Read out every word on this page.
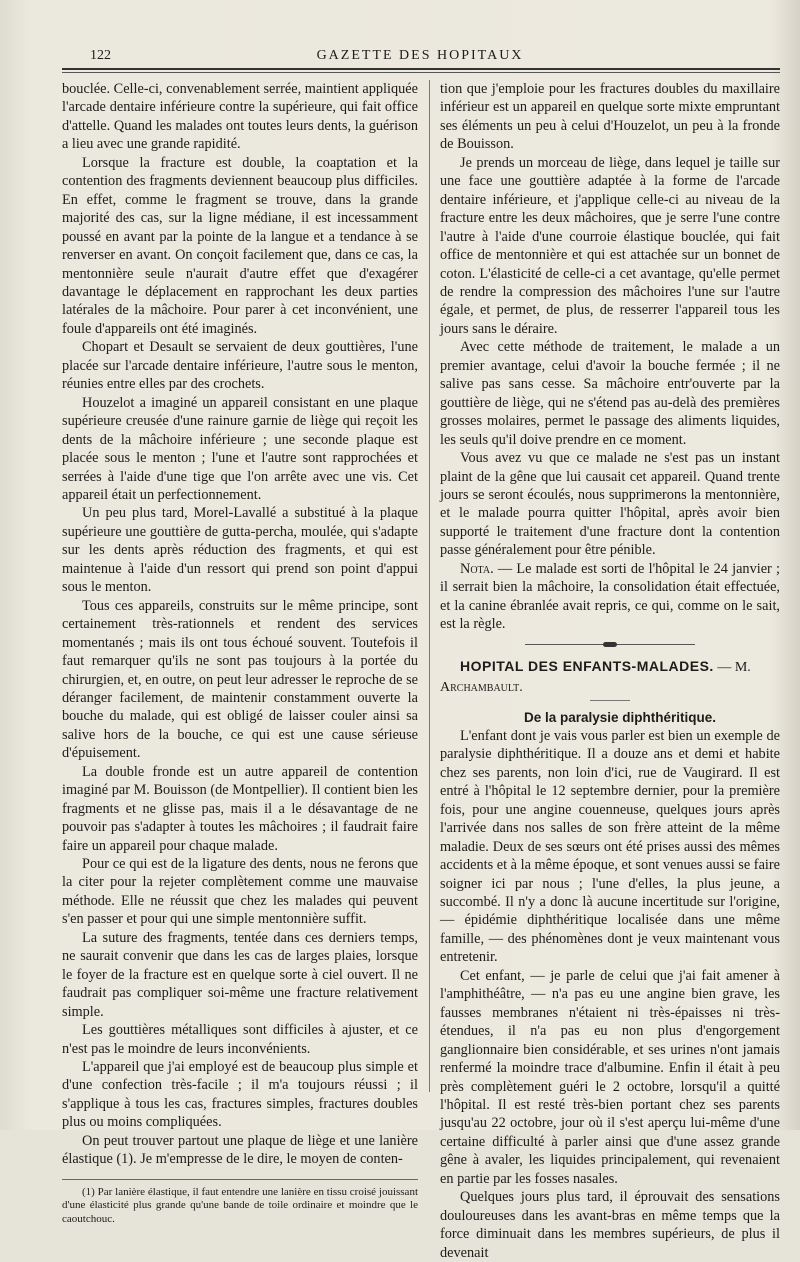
122	GAZETTE DES HOPITAUX

bouclée. Celle-ci, convenablement serrée, maintient appliquée l'arcade dentaire inférieure contre la supérieure, qui fait office d'attelle. Quand les malades ont toutes leurs dents, la guérison a lieu avec une grande rapidité.

Lorsque la fracture est double, la coaptation et la contention des fragments deviennent beaucoup plus difficiles. En effet, comme le fragment se trouve, dans la grande majorité des cas, sur la ligne médiane, il est incessamment poussé en avant par la pointe de la langue et a tendance à se renverser en avant. On conçoit facilement que, dans ce cas, la mentonnière seule n'aurait d'autre effet que d'exagérer davantage le déplacement en rapprochant les deux parties latérales de la mâchoire. Pour parer à cet inconvénient, une foule d'appareils ont été imaginés.

Chopart et Desault se servaient de deux gouttières, l'une placée sur l'arcade dentaire inférieure, l'autre sous le menton, réunies entre elles par des crochets.

Houzelot a imaginé un appareil consistant en une plaque supérieure creusée d'une rainure garnie de liège qui reçoit les dents de la mâchoire inférieure ; une seconde plaque est placée sous le menton ; l'une et l'autre sont rapprochées et serrées à l'aide d'une tige que l'on arrête avec une vis. Cet appareil était un perfectionnement.

Un peu plus tard, Morel-Lavallé a substitué à la plaque supérieure une gouttière de gutta-percha, moulée, qui s'adapte sur les dents après réduction des fragments, et qui est maintenue à l'aide d'un ressort qui prend son point d'appui sous le menton.

Tous ces appareils, construits sur le même principe, sont certainement très-rationnels et rendent des services momentanés ; mais ils ont tous échoué souvent. Toutefois il faut remarquer qu'ils ne sont pas toujours à la portée du chirurgien, et, en outre, on peut leur adresser le reproche de se déranger facilement, de maintenir constamment ouverte la bouche du malade, qui est obligé de laisser couler ainsi sa salive hors de la bouche, ce qui est une cause sérieuse d'épuisement.

La double fronde est un autre appareil de contention imaginé par M. Bouisson (de Montpellier). Il contient bien les fragments et ne glisse pas, mais il a le désavantage de ne pouvoir pas s'adapter à toutes les mâchoires ; il faudrait faire faire un appareil pour chaque malade.

Pour ce qui est de la ligature des dents, nous ne ferons que la citer pour la rejeter complètement comme une mauvaise méthode. Elle ne réussit que chez les malades qui peuvent s'en passer et pour qui une simple mentonnière suffit.

La suture des fragments, tentée dans ces derniers temps, ne saurait convenir que dans les cas de larges plaies, lorsque le foyer de la fracture est en quelque sorte à ciel ouvert. Il ne faudrait pas compliquer soi-même une fracture relativement simple.

Les gouttières métalliques sont difficiles à ajuster, et ce n'est pas le moindre de leurs inconvénients.

L'appareil que j'ai employé est de beaucoup plus simple et d'une confection très-facile ; il m'a toujours réussi ; il s'applique à tous les cas, fractures simples, fractures doubles plus ou moins compliquées.

On peut trouver partout une plaque de liège et une lanière élastique (1). Je m'empresse de le dire, le moyen de conten-

(1) Par lanière élastique, il faut entendre une lanière en tissu croisé jouissant d'une élasticité plus grande qu'une bande de toile ordinaire et moindre que le caoutchouc.

tion que j'emploie pour les fractures doubles du maxillaire inférieur est un appareil en quelque sorte mixte empruntant ses éléments un peu à celui d'Houzelot, un peu à la fronde de Bouisson.

Je prends un morceau de liège, dans lequel je taille sur une face une gouttière adaptée à la forme de l'arcade dentaire inférieure, et j'applique celle-ci au niveau de la fracture entre les deux mâchoires, que je serre l'une contre l'autre à l'aide d'une courroie élastique bouclée, qui fait office de mentonnière et qui est attachée sur un bonnet de coton. L'élasticité de celle-ci a cet avantage, qu'elle permet de rendre la compression des mâchoires l'une sur l'autre égale, et permet, de plus, de resserrer l'appareil tous les jours sans le déraire.

Avec cette méthode de traitement, le malade a un premier avantage, celui d'avoir la bouche fermée ; il ne salive pas sans cesse. Sa mâchoire entr'ouverte par la gouttière de liège, qui ne s'étend pas au-delà des premières grosses molaires, permet le passage des aliments liquides, les seuls qu'il doive prendre en ce moment.

Vous avez vu que ce malade ne s'est pas un instant plaint de la gêne que lui causait cet appareil. Quand trente jours se seront écoulés, nous supprimerons la mentonnière, et le malade pourra quitter l'hôpital, après avoir bien supporté le traitement d'une fracture dont la contention passe généralement pour être pénible.

Nota. — Le malade est sorti de l'hôpital le 24 janvier ; il serrait bien la mâchoire, la consolidation était effectuée, et la canine ébranlée avait repris, ce qui, comme on le sait, est la règle.

HOPITAL DES ENFANTS-MALADES. — M. Archambault.

De la paralysie diphthéritique.

L'enfant dont je vais vous parler est bien un exemple de paralysie diphthéritique. Il a douze ans et demi et habite chez ses parents, non loin d'ici, rue de Vaugirard. Il est entré à l'hôpital le 12 septembre dernier, pour la première fois, pour une angine couenneuse, quelques jours après l'arrivée dans nos salles de son frère atteint de la même maladie. Deux de ses sœurs ont été prises aussi des mêmes accidents et à la même époque, et sont venues aussi se faire soigner ici par nous ; l'une d'elles, la plus jeune, a succombé. Il n'y a donc là aucune incertitude sur l'origine, — épidémie diphthéritique localisée dans une même famille, — des phénomènes dont je veux maintenant vous entretenir.

Cet enfant, — je parle de celui que j'ai fait amener à l'amphithéâtre, — n'a pas eu une angine bien grave, les fausses membranes n'étaient ni très-épaisses ni très-étendues, il n'a pas eu non plus d'engorgement ganglionnaire bien considérable, et ses urines n'ont jamais renfermé la moindre trace d'albumine. Enfin il était à peu près complètement guéri le 2 octobre, lorsqu'il a quitté l'hôpital. Il est resté très-bien portant chez ses parents jusqu'au 22 octobre, jour où il s'est aperçu lui-même d'une certaine difficulté à parler ainsi que d'une assez grande gêne à avaler, les liquides principalement, qui revenaient en partie par les fosses nasales.

Quelques jours plus tard, il éprouvait des sensations douloureuses dans les avant-bras en même temps que la force diminuait dans les membres supérieurs, de plus il devenait
